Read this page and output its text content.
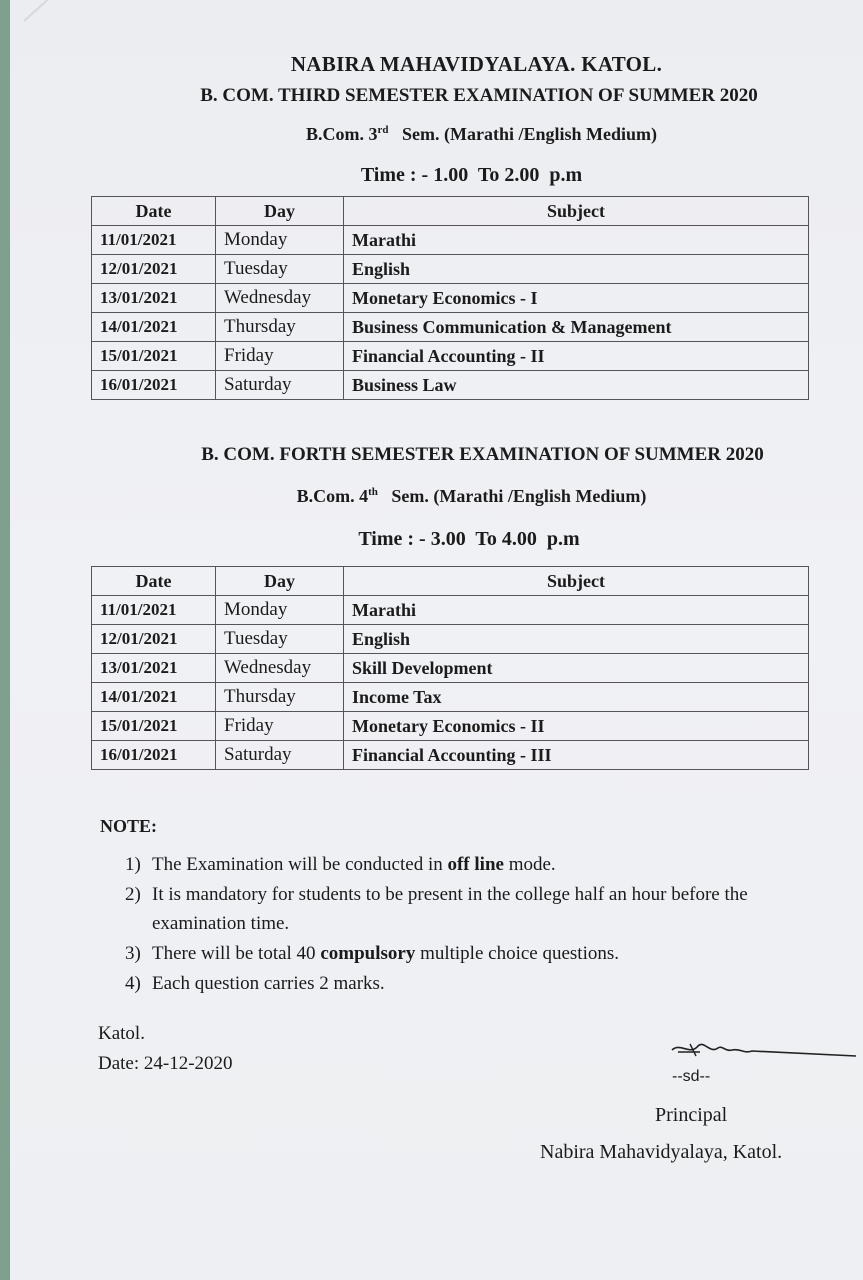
NABIRA MAHAVIDYALAYA. KATOL.
B. COM. THIRD SEMESTER EXAMINATION OF SUMMER 2020
B.Com. 3rd Sem. (Marathi /English Medium)
Time : - 1.00  To 2.00  p.m
Date	Day	Subject
11/01/2021	Monday	Marathi
12/01/2021	Tuesday	English
13/01/2021	Wednesday	Monetary Economics - I
14/01/2021	Thursday	Business Communication & Management
15/01/2021	Friday	Financial Accounting - II
16/01/2021	Saturday	Business Law
B. COM. FORTH SEMESTER EXAMINATION OF SUMMER 2020
B.Com. 4th Sem. (Marathi /English Medium)
Time : - 3.00  To 4.00  p.m
Date	Day	Subject
11/01/2021	Monday	Marathi
12/01/2021	Tuesday	English
13/01/2021	Wednesday	Skill Development
14/01/2021	Thursday	Income Tax
15/01/2021	Friday	Monetary Economics - II
16/01/2021	Saturday	Financial Accounting - III
NOTE:
1) The Examination will be conducted in off line mode.
2) It is mandatory for students to be present in the college half an hour before the examination time.
3) There will be total 40 compulsory multiple choice questions.
4) Each question carries 2 marks.
Katol.
Date: 24-12-2020
--sd--
Principal
Nabira Mahavidyalaya, Katol.
